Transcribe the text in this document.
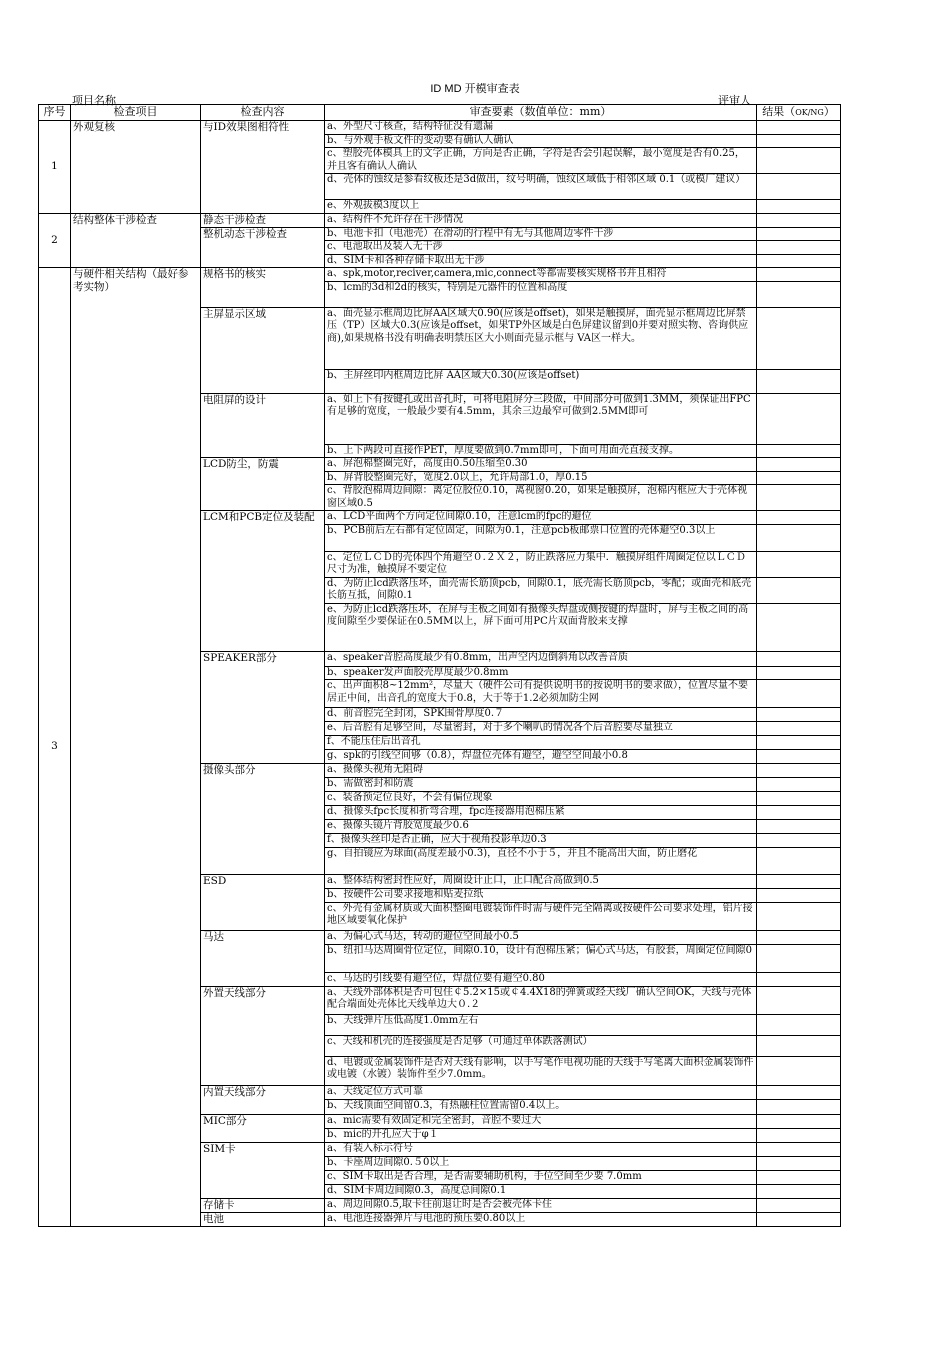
ID MD 开模审查表
项目名称	评审人
序号	检查项目	检查内容	审查要素（数值单位：mm）	结果（OK/NG）
1	外观复核	与ID效果图相符性	a、外型尺寸核查，结构特征没有遗漏	
			b、与外观手板文件的变动要有确认人确认	
			c、塑胶壳体模具上的文字正确，方向是否正确，字符是否会引起误解，最小宽度是否有0.25，并且客有确认人确认	
			d、壳体的蚀纹是参看纹板还是3d做出，纹号明确，蚀纹区域低于相邻区域 0.1（或模厂建议）	
			e、外观拔模3度以上	
2	结构整体干涉检查	静态干涉检查	a、结构件不允许存在干涉情况	
		整机动态干涉检查	b、电池卡扣（电池壳）在滑动的行程中有无与其他周边零件干涉	
			c、电池取出及装入无干涉	
			d、SIM卡和各种存储卡取出无干涉	
3	与硬件相关结构（最好参考实物）	规格书的核实	a、spk,motor,reciver,camera,mic,connect等都需要核实规格书并且相符	
			b、lcm的3d和2d的核实，特别是元器件的位置和高度	
		主屏显示区域	a、面壳显示框周边比屏AA区域大0.90(应该是offset)，如果是触摸屏，面壳显示框周边比屏禁压（TP）区域大0.3(应该是offset，如果TP外区域是白色屏建议留到0并要对照实物、咨询供应商),如果规格书没有明确表明禁压区大小则面壳显示框与 VA区一样大。	
			b、主屏丝印内框周边比屏 AA区域大0.30(应该是offset)	
		电阻屏的设计	a、如上下有按键孔或出音孔时，可将电阻屏分三段做，中间部分可做到1.3MM，须保证出FPC有足够的宽度，一般最少要有4.5mm，其余三边最窄可做到2.5MM即可	
			b、上下两段可直接作PET，厚度要做到0.7mm即可，下面可用面壳直接支撑。	
		LCD防尘，防震	a、屏泡棉整圈完好，高度由0.50压缩至0.30	
			b、屏背胶整圈完好，宽度2.0以上，允许局部1.0，厚0.15	
			c、背胶泡棉周边间隙：离定位胶位0.10，离视窗0.20，如果是触摸屏，泡棉内框应大于壳体视窗区域0.5	
		LCM和PCB定位及装配	a、LCD平面两个方向定位间隙0.10，注意lcm的fpc的避位	
			b、PCB前后左右都有定位固定，间隙为0.1，注意pcb板邮票口位置的壳体避空0.3以上	
			c、定位ＬＣＤ的壳体四个角避空０.２Ｘ２，防止跌落应力集中．触摸屏组件周圈定位以ＬＣＤ尺寸为准，触摸屏不要定位	
			d、为防止lcd跌落压坏，面壳需长筋顶pcb，间隙0.1，底壳需长筋顶pcb，零配；或面壳和底壳长筋互抵，间隙0.1	
			e、为防止lcd跌落压坏，在屏与主板之间如有摄像头焊盘或侧按键的焊盘时，屏与主板之间的高度间隙至少要保证在0.5MM以上，屏下面可用PC片双面背胶来支撑	
		SPEAKER部分	a、speaker音腔高度最少有0.8mm，出声空内边倒斜角以改善音质	
			b、speaker发声面胶壳厚度最少0.8mm	
			c、出声面积8~12mm²，尽量大（硬件公司有提供说明书的按说明书的要求做），位置尽量不要居正中间，出音孔的宽度大于0.8，大于等于1.2必须加防尘网	
			d、前音腔完全封闭，SPK围骨厚度0.７	
			e、后音腔有足够空间，尽量密封，对于多个喇叭的情况各个后音腔要尽量独立	
			f、不能压住后出音孔	
			g、spk的引线空间够（0.8），焊盘位壳体有避空，避空空间最小0.8	
		摄像头部分	a、摄像头视角无阻碍	
			b、需做密封和防震	
			c、装备预定位良好，不会有偏位现象	
			d、摄像头fpc长度和折弯合理，fpc连接器用泡棉压紧	
			e、摄像头镜片背胶宽度最少0.6	
			f、摄像头丝印是否正确，应大于视角投影单边0.3	
			g、自拍镜应为球面(高度差最小0.3)，直径不小于５，并且不能高出大面，防止磨花	
		ESD	a、整体结构密封性应好，周圈设计止口，止口配合高做到0.5	
			b、按硬件公司要求接地和贴麦拉纸	
			c、外壳有金属材质或大面积整圈电镀装饰件时需与硬件完全隔离或按硬件公司要求处理，铝片接地区域要氧化保护	
		马达	a、为偏心式马达，转动的避位空间最小0.5	
			b、纽扣马达周圈骨位定位，间隙0.10，设计有泡棉压紧；偏心式马达，有胶套，周圈定位间隙0	
			c、马达的引线要有避空位，焊盘位要有避空0.80	
		外置天线部分	a、天线外部体积是否可包住￠5.2×15或￠4.4X18的弹簧或经天线厂确认空间OK，天线与壳体配合端面处壳体比天线单边大０.２	
			b、天线弹片压低高度1.0mm左右	
			c、天线和机壳的连接强度是否足够（可通过单体跌落测试）	
			d、电镀或金属装饰件是否对天线有影响，以手写笔作电视功能的天线手写笔离大面积金属装饰件或电镀（水镀）装饰件至少7.0mm。	
		内置天线部分	a、天线定位方式可靠	
			b、天线顶面空间留0.3，有热融柱位置需留0.4以上。	
		MIC部分	a、mic需要有效固定和完全密封，音腔不要过大	
			b、mic的开孔应大于φ１	
		SIM卡	a、有装入标示符号	
			b、卡座周边间隙0.５0以上	
			c、SIM卡取出是否合理，是否需要辅助机构，手位空间至少要 7.0mm	
			d、SIM卡周边间隙0.3，高度总间隙0.1	
		存储卡	a、周边间隙0.5,取卡往前退让时是否会被壳体卡住	
		电池	a、电池连接器弹片与电池的预压要0.80以上	
